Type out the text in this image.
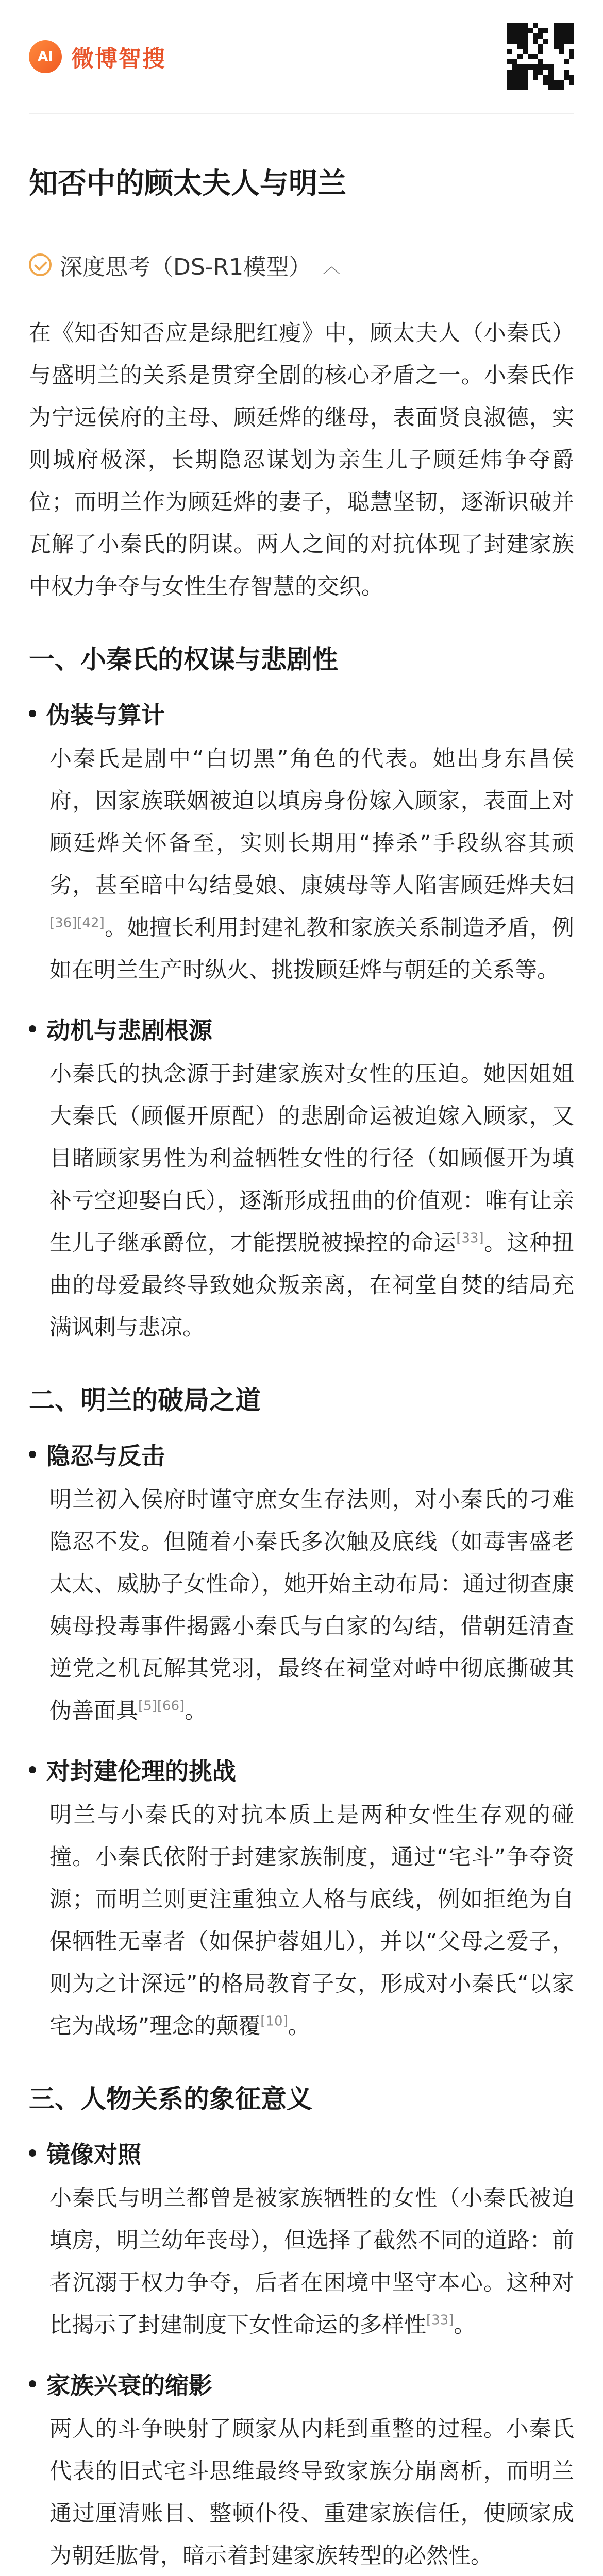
AI 微博智搜
知否中的顾太夫人与明兰
深度思考（DS-R1模型） ︿

在《知否知否应是绿肥红瘦》中，顾太夫人（小秦氏）与盛明兰的关系是贯穿全剧的核心矛盾之一。小秦氏作为宁远侯府的主母、顾廷烨的继母，表面贤良淑德，实则城府极深，长期隐忍谋划为亲生儿子顾廷炜争夺爵位；而明兰作为顾廷烨的妻子，聪慧坚韧，逐渐识破并瓦解了小秦氏的阴谋。两人之间的对抗体现了封建家族中权力争夺与女性生存智慧的交织。

一、小秦氏的权谋与悲剧性
伪装与算计

小秦氏是剧中“白切黑”角色的代表。她出身东昌侯府，因家族联姻被迫以填房身份嫁入顾家，表面上对顾廷烨关怀备至，实则长期用“捧杀”手段纵容其顽劣，甚至暗中勾结曼娘、康姨母等人陷害顾廷烨夫妇[36][42]。她擅长利用封建礼教和家族关系制造矛盾，例如在明兰生产时纵火、挑拨顾廷烨与朝廷的关系等。

动机与悲剧根源

小秦氏的执念源于封建家族对女性的压迫。她因姐姐大秦氏（顾偃开原配）的悲剧命运被迫嫁入顾家，又目睹顾家男性为利益牺牲女性的行径（如顾偃开为填补亏空迎娶白氏），逐渐形成扭曲的价值观：唯有让亲生儿子继承爵位，才能摆脱被操控的命运[33]。这种扭曲的母爱最终导致她众叛亲离，在祠堂自焚的结局充满讽刺与悲凉。

二、明兰的破局之道
隐忍与反击

明兰初入侯府时谨守庶女生存法则，对小秦氏的刁难隐忍不发。但随着小秦氏多次触及底线（如毒害盛老太太、威胁子女性命），她开始主动布局：通过彻查康姨母投毒事件揭露小秦氏与白家的勾结，借朝廷清查逆党之机瓦解其党羽，最终在祠堂对峙中彻底撕破其伪善面具[5][66]。

对封建伦理的挑战

明兰与小秦氏的对抗本质上是两种女性生存观的碰撞。小秦氏依附于封建家族制度，通过“宅斗”争夺资源；而明兰则更注重独立人格与底线，例如拒绝为自保牺牲无辜者（如保护蓉姐儿），并以“父母之爱子，则为之计深远”的格局教育子女，形成对小秦氏“以家宅为战场”理念的颠覆[10]。

三、人物关系的象征意义
镜像对照

小秦氏与明兰都曾是被家族牺牲的女性（小秦氏被迫填房，明兰幼年丧母），但选择了截然不同的道路：前者沉溺于权力争夺，后者在困境中坚守本心。这种对比揭示了封建制度下女性命运的多样性[33]。

家族兴衰的缩影

两人的斗争映射了顾家从内耗到重整的过程。小秦氏代表的旧式宅斗思维最终导致家族分崩离析，而明兰通过厘清账目、整顿仆役、重建家族信任，使顾家成为朝廷肱骨，暗示着封建家族转型的必然性。
